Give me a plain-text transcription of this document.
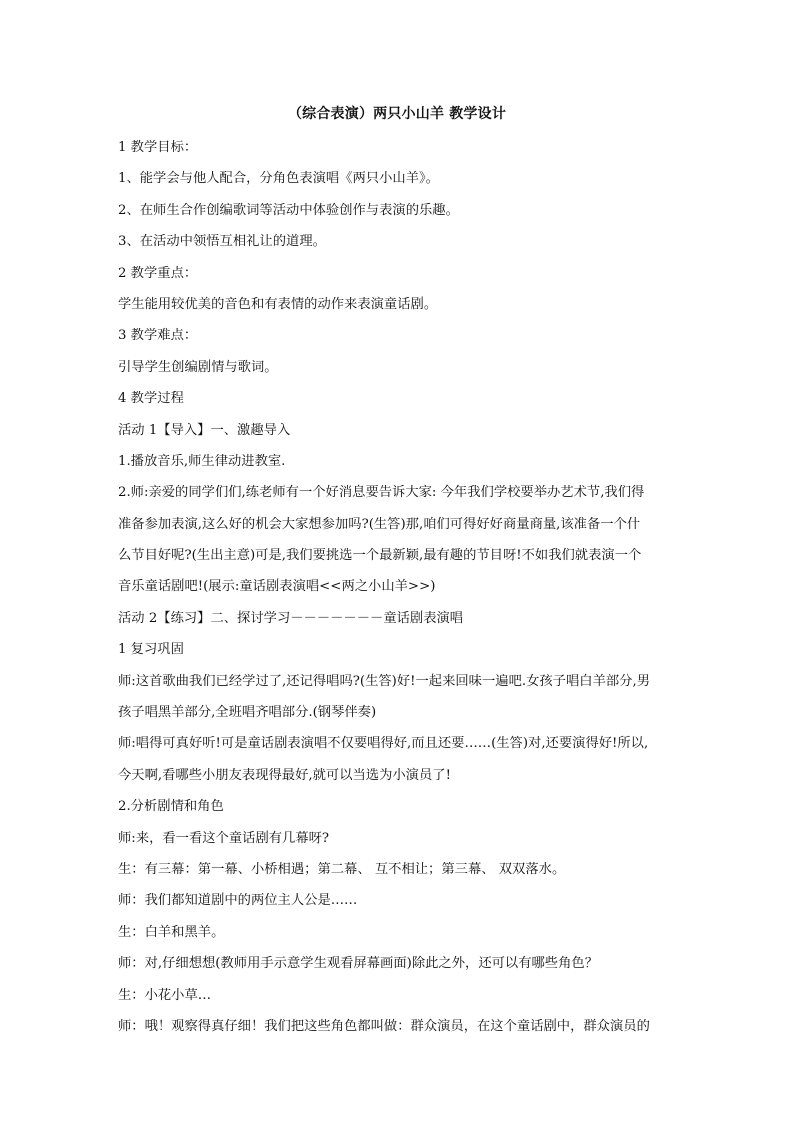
（综合表演）两只小山羊 教学设计
1 教学目标：
1、能学会与他人配合，分角色表演唱《两只小山羊》。
2、在师生合作创编歌词等活动中体验创作与表演的乐趣。
3、在活动中领悟互相礼让的道理。
2 教学重点：
学生能用较优美的音色和有表情的动作来表演童话剧。
3 教学难点：
引导学生创编剧情与歌词。
4 教学过程
活动 1【导入】一、激趣导入
1.播放音乐,师生律动进教室.
2.师:亲爱的同学们们,练老师有一个好消息要告诉大家: 今年我们学校要举办艺术节,我们得
准备参加表演,这么好的机会大家想参加吗?(生答)那,咱们可得好好商量商量,该准备一个什
么节目好呢?(生出主意)可是,我们要挑选一个最新颖,最有趣的节目呀!不如我们就表演一个
音乐童话剧吧!(展示:童话剧表演唱<<两之小山羊>>)
活动 2【练习】二、探讨学习－－－－－－－童话剧表演唱
1 复习巩固
师:这首歌曲我们已经学过了,还记得唱吗?(生答)好!一起来回味一遍吧.女孩子唱白羊部分,男
孩子唱黑羊部分,全班唱齐唱部分.(钢琴伴奏)
师:唱得可真好听!可是童话剧表演唱不仅要唱得好,而且还要……(生答)对,还要演得好!所以,
今天啊,看哪些小朋友表现得最好,就可以当选为小演员了!
2.分析剧情和角色
师:来，看一看这个童话剧有几幕呀?
生：有三幕：第一幕、小桥相遇；第二幕、 互不相让；第三幕、 双双落水。
师：我们都知道剧中的两位主人公是……
生：白羊和黑羊。
师：对,仔细想想(教师用手示意学生观看屏幕画面)除此之外，还可以有哪些角色？
生：小花小草…
师：哦！观察得真仔细！我们把这些角色都叫做：群众演员，在这个童话剧中，群众演员的
